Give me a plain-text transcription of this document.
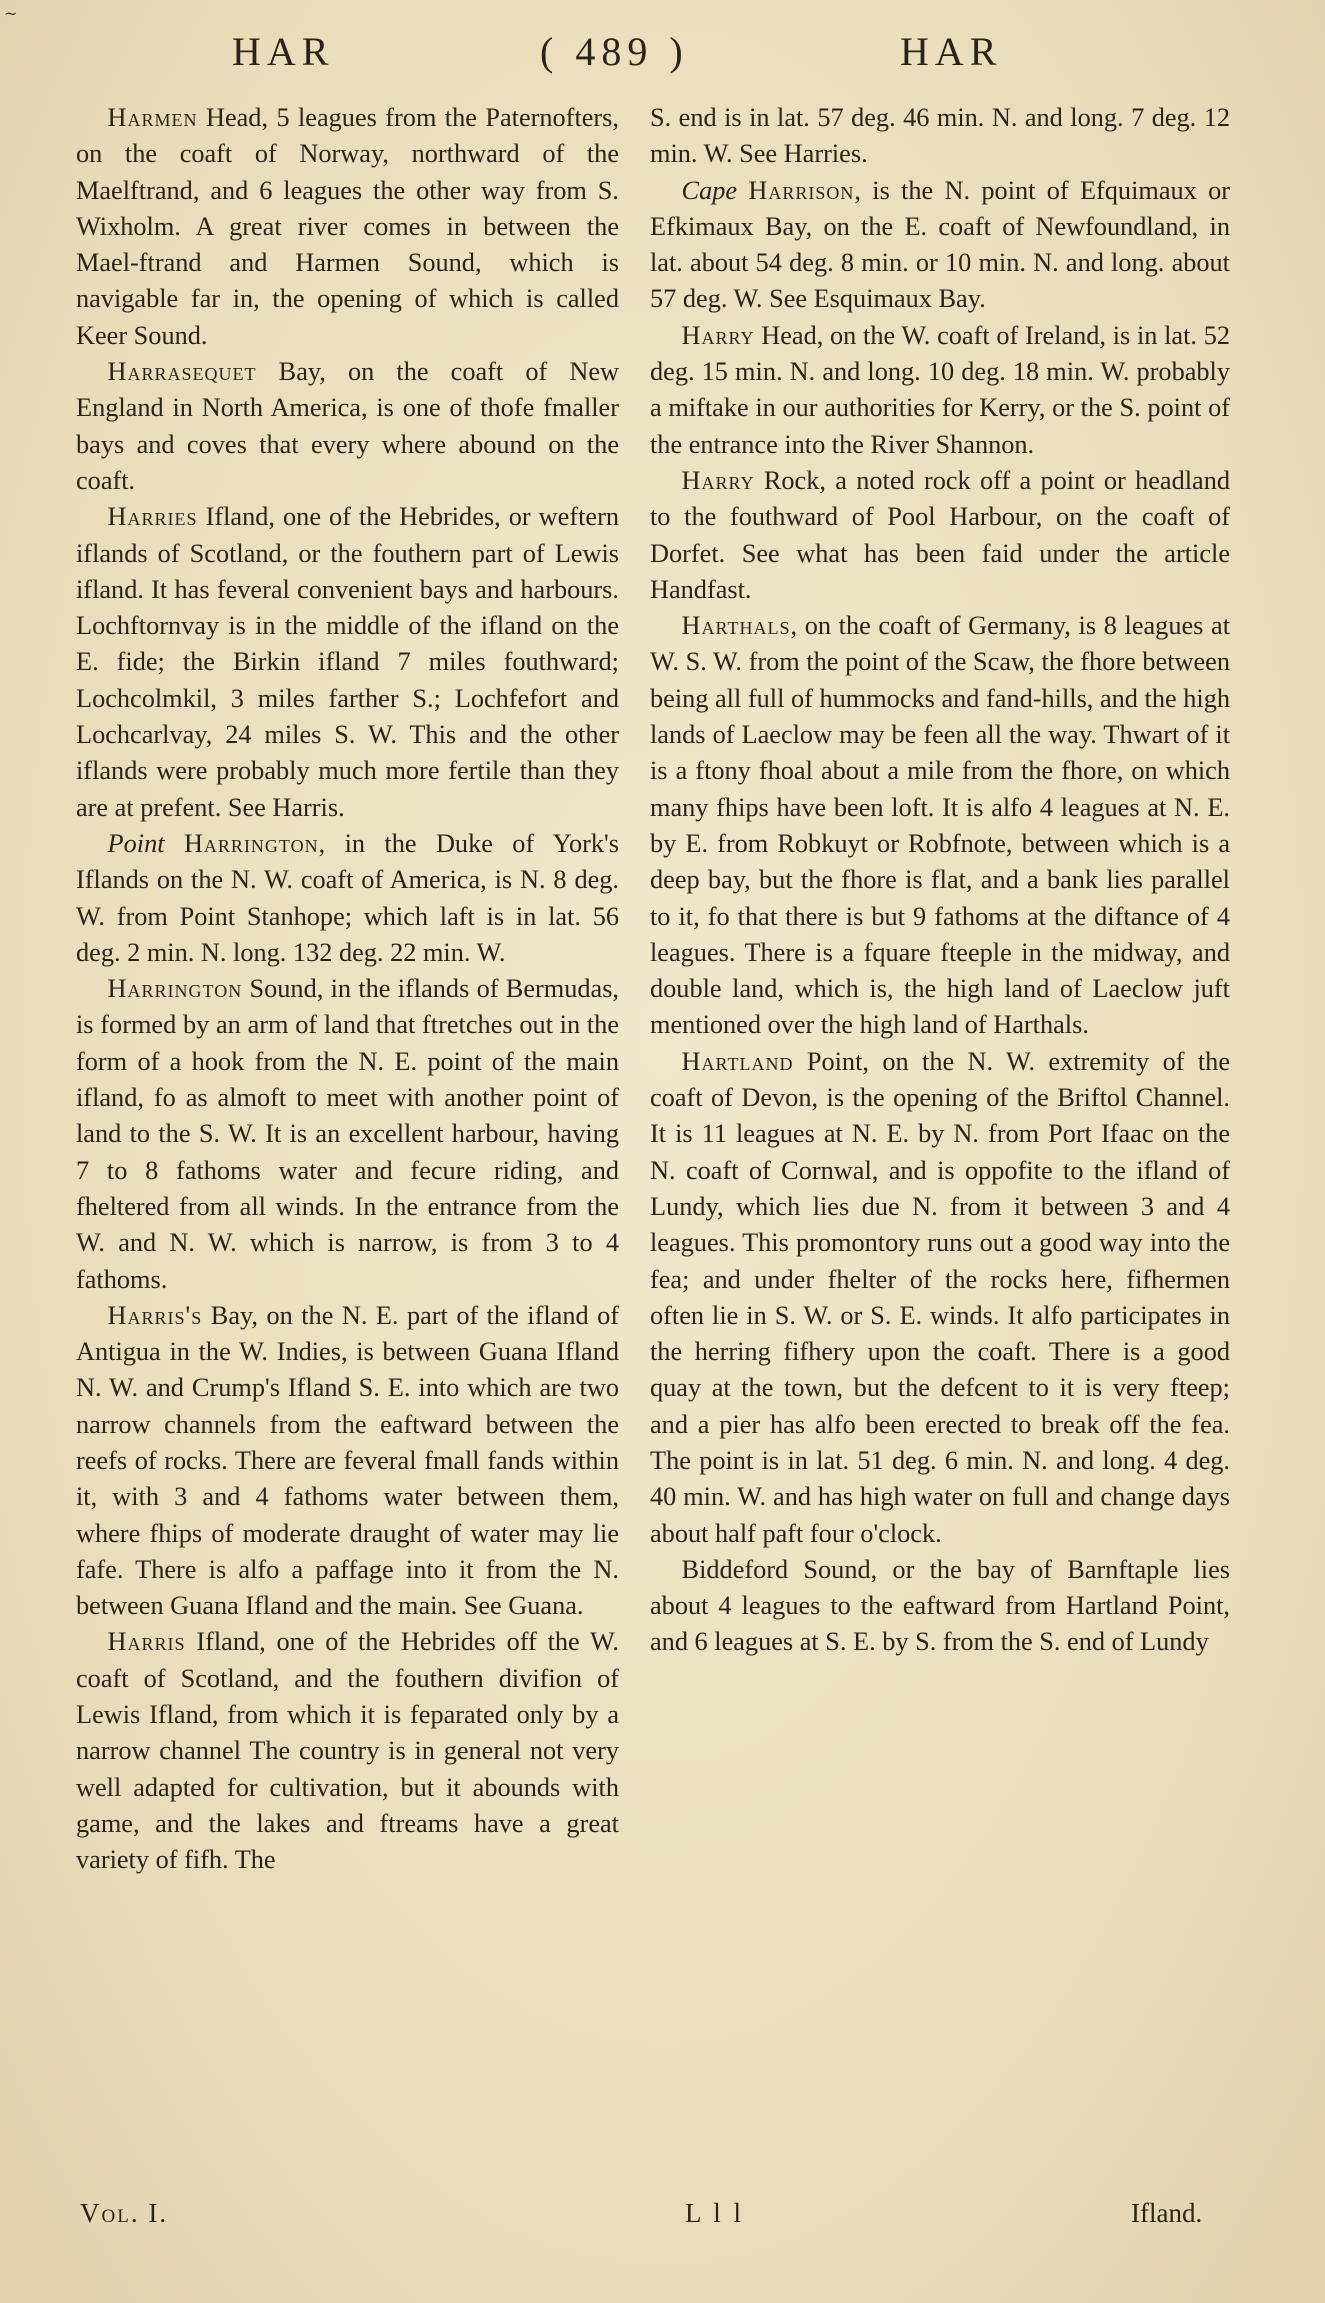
~
HAR	( 489 )	HAR

Harmen Head, 5 leagues from the Paternofters, on the coaft of Norway, northward of the Maelftrand, and 6 leagues the other way from S. Wixholm. A great river comes in between the Mael-ftrand and Harmen Sound, which is navigable far in, the opening of which is called Keer Sound.

Harrasequet Bay, on the coaft of New England in North America, is one of thofe fmaller bays and coves that every where abound on the coaft.

Harries Ifland, one of the Hebrides, or weftern iflands of Scotland, or the fouthern part of Lewis ifland. It has feveral convenient bays and harbours. Lochftornvay is in the middle of the ifland on the E. fide; the Birkin ifland 7 miles fouthward; Lochcolmkil, 3 miles farther S.; Lochfefort and Lochcarlvay, 24 miles S. W. This and the other iflands were probably much more fertile than they are at prefent. See Harris.

Point Harrington, in the Duke of York's Iflands on the N. W. coaft of America, is N. 8 deg. W. from Point Stanhope; which laft is in lat. 56 deg. 2 min. N. long. 132 deg. 22 min. W.

Harrington Sound, in the iflands of Bermudas, is formed by an arm of land that ftretches out in the form of a hook from the N. E. point of the main ifland, fo as almoft to meet with another point of land to the S. W. It is an excellent harbour, having 7 to 8 fathoms water and fecure riding, and fheltered from all winds. In the entrance from the W. and N. W. which is narrow, is from 3 to 4 fathoms.

Harris's Bay, on the N. E. part of the ifland of Antigua in the W. Indies, is between Guana Ifland N. W. and Crump's Ifland S. E. into which are two narrow channels from the eaftward between the reefs of rocks. There are feveral fmall fands within it, with 3 and 4 fathoms water between them, where fhips of moderate draught of water may lie fafe. There is alfo a paffage into it from the N. between Guana Ifland and the main. See Guana.

Harris Ifland, one of the Hebrides off the W. coaft of Scotland, and the fouthern divifion of Lewis Ifland, from which it is feparated only by a narrow channel The country is in general not very well adapted for cultivation, but it abounds with game, and the lakes and ftreams have a great variety of fifh. The

S. end is in lat. 57 deg. 46 min. N. and long. 7 deg. 12 min. W. See Harries.

Cape Harrison, is the N. point of Efquimaux or Efkimaux Bay, on the E. coaft of Newfoundland, in lat. about 54 deg. 8 min. or 10 min. N. and long. about 57 deg. W. See Esquimaux Bay.

Harry Head, on the W. coaft of Ireland, is in lat. 52 deg. 15 min. N. and long. 10 deg. 18 min. W. probably a miftake in our authorities for Kerry, or the S. point of the entrance into the River Shannon.

Harry Rock, a noted rock off a point or headland to the fouthward of Pool Harbour, on the coaft of Dorfet. See what has been faid under the article Handfast.

Harthals, on the coaft of Germany, is 8 leagues at W. S. W. from the point of the Scaw, the fhore between being all full of hummocks and fand-hills, and the high lands of Laeclow may be feen all the way. Thwart of it is a ftony fhoal about a mile from the fhore, on which many fhips have been loft. It is alfo 4 leagues at N. E. by E. from Robkuyt or Robfnote, between which is a deep bay, but the fhore is flat, and a bank lies parallel to it, fo that there is but 9 fathoms at the diftance of 4 leagues. There is a fquare fteeple in the midway, and double land, which is, the high land of Laeclow juft mentioned over the high land of Harthals.

Hartland Point, on the N. W. extremity of the coaft of Devon, is the opening of the Briftol Channel. It is 11 leagues at N. E. by N. from Port Ifaac on the N. coaft of Cornwal, and is oppofite to the ifland of Lundy, which lies due N. from it between 3 and 4 leagues. This promontory runs out a good way into the fea; and under fhelter of the rocks here, fifhermen often lie in S. W. or S. E. winds. It alfo participates in the herring fifhery upon the coaft. There is a good quay at the town, but the defcent to it is very fteep; and a pier has alfo been erected to break off the fea. The point is in lat. 51 deg. 6 min. N. and long. 4 deg. 40 min. W. and has high water on full and change days about half paft four o'clock.

Biddeford Sound, or the bay of Barnftaple lies about 4 leagues to the eaftward from Hartland Point, and 6 leagues at S. E. by S. from the S. end of Lundy

Vol. I.	L l l	Ifland.
